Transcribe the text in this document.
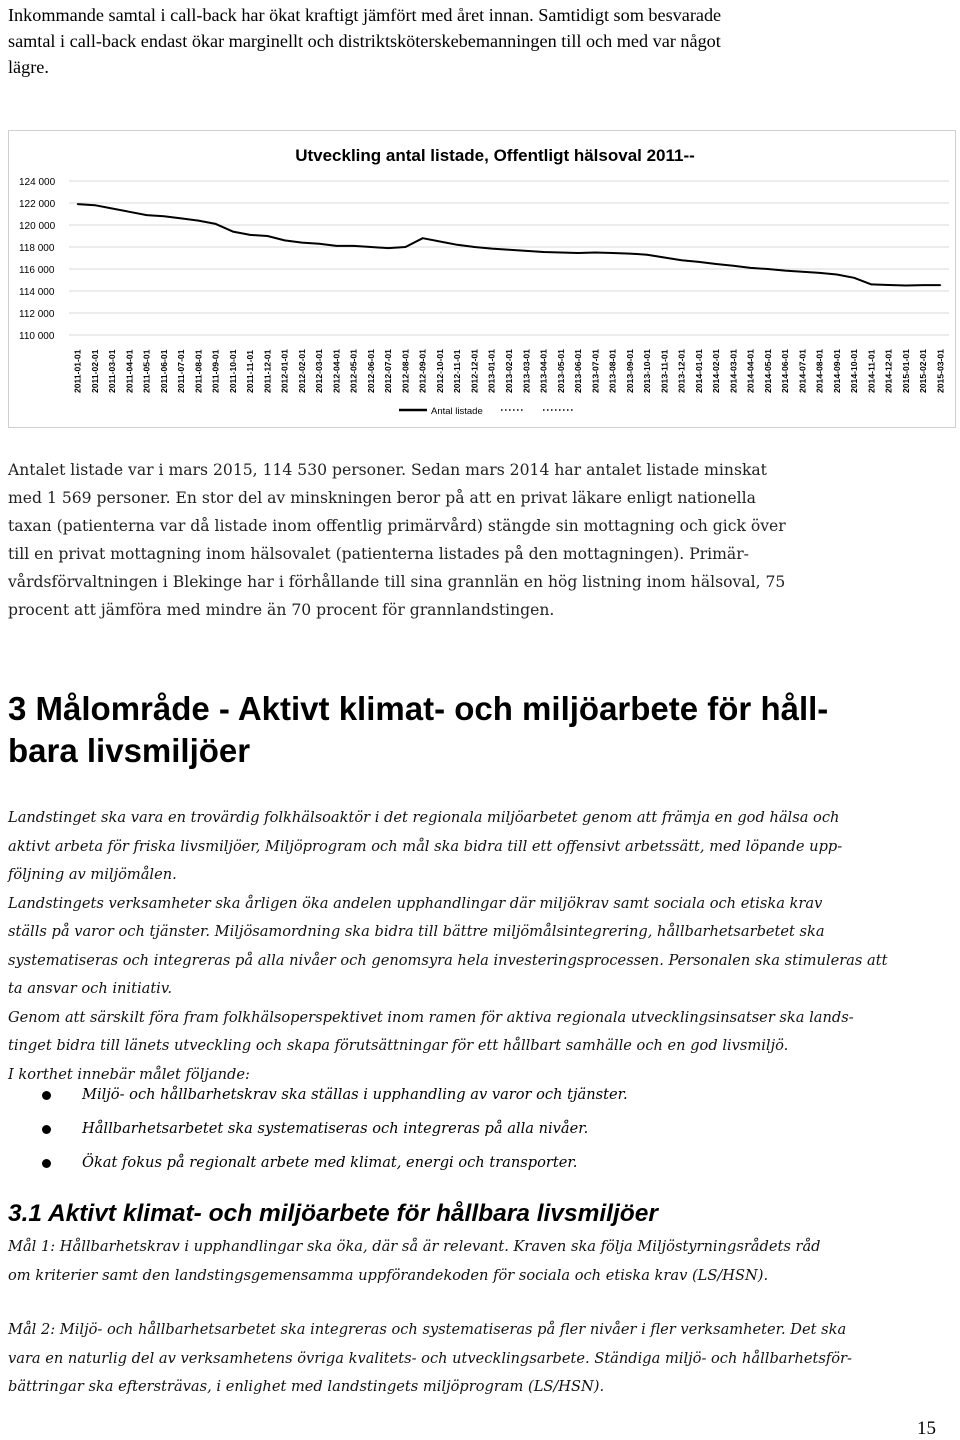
Inkommande samtal i call-back har ökat kraftigt jämfört med året innan. Samtidigt som besvarade
samtal i call-back endast ökar marginellt och distriktsköterskebemanningen till och med var något
lägre.
Utveckling antal listade, Offentligt hälsoval 2011--
124 000
122 000
120 000
118 000
116 000
114 000
112 000
110 000
2011-01-01 2011-02-01 2011-03-01 2011-04-01 2011-05-01 2011-06-01 2011-07-01 2011-08-01 2011-09-01 2011-10-01 2011-11-01 2011-12-01 2012-01-01 2012-02-01 2012-03-01 2012-04-01 2012-05-01 2012-06-01 2012-07-01 2012-08-01 2012-09-01 2012-10-01 2012-11-01 2012-12-01 2013-01-01 2013-02-01 2013-03-01 2013-04-01 2013-05-01 2013-06-01 2013-07-01 2013-08-01 2013-09-01 2013-10-01 2013-11-01 2013-12-01 2014-01-01 2014-02-01 2014-03-01 2014-04-01 2014-05-01 2014-06-01 2014-07-01 2014-08-01 2014-09-01 2014-10-01 2014-11-01 2014-12-01 2015-01-01 2015-02-01 2015-03-01
Antal listade
Antalet listade var i mars 2015, 114 530 personer. Sedan mars 2014 har antalet listade minskat
med 1 569 personer. En stor del av minskningen beror på att en privat läkare enligt nationella
taxan (patienterna var då listade inom offentlig primärvård) stängde sin mottagning och gick över
till en privat mottagning inom hälsovalet (patienterna listades på den mottagningen). Primär-
vårdsförvaltningen i Blekinge har i förhållande till sina grannlän en hög listning inom hälsoval, 75
procent att jämföra med mindre än 70 procent för grannlandstingen.
3 Målområde - Aktivt klimat- och miljöarbete för håll-
bara livsmiljöer
Landstinget ska vara en trovärdig folkhälsoaktör i det regionala miljöarbetet genom att främja en god hälsa och
aktivt arbeta för friska livsmiljöer, Miljöprogram och mål ska bidra till ett offensivt arbetssätt, med löpande upp-
följning av miljömålen.
Landstingets verksamheter ska årligen öka andelen upphandlingar där miljökrav samt sociala och etiska krav
ställs på varor och tjänster. Miljösamordning ska bidra till bättre miljömålsintegrering, hållbarhetsarbetet ska
systematiseras och integreras på alla nivåer och genomsyra hela investeringsprocessen. Personalen ska stimuleras att
ta ansvar och initiativ.
Genom att särskilt föra fram folkhälsoperspektivet inom ramen för aktiva regionala utvecklingsinsatser ska lands-
tinget bidra till länets utveckling och skapa förutsättningar för ett hållbart samhälle och en god livsmiljö.
I korthet innebär målet följande:
Miljö- och hållbarhetskrav ska ställas i upphandling av varor och tjänster.
Hållbarhetsarbetet ska systematiseras och integreras på alla nivåer.
Ökat fokus på regionalt arbete med klimat, energi och transporter.
3.1 Aktivt klimat- och miljöarbete för hållbara livsmiljöer
Mål 1: Hållbarhetskrav i upphandlingar ska öka, där så är relevant. Kraven ska följa Miljöstyrningsrådets råd
om kriterier samt den landstingsgemensamma uppförandekoden för sociala och etiska krav (LS/HSN).
Mål 2: Miljö- och hållbarhetsarbetet ska integreras och systematiseras på fler nivåer i fler verksamheter. Det ska
vara en naturlig del av verksamhetens övriga kvalitets- och utvecklingsarbete. Ständiga miljö- och hållbarhetsför-
bättringar ska eftersträvas, i enlighet med landstingets miljöprogram (LS/HSN).
15
